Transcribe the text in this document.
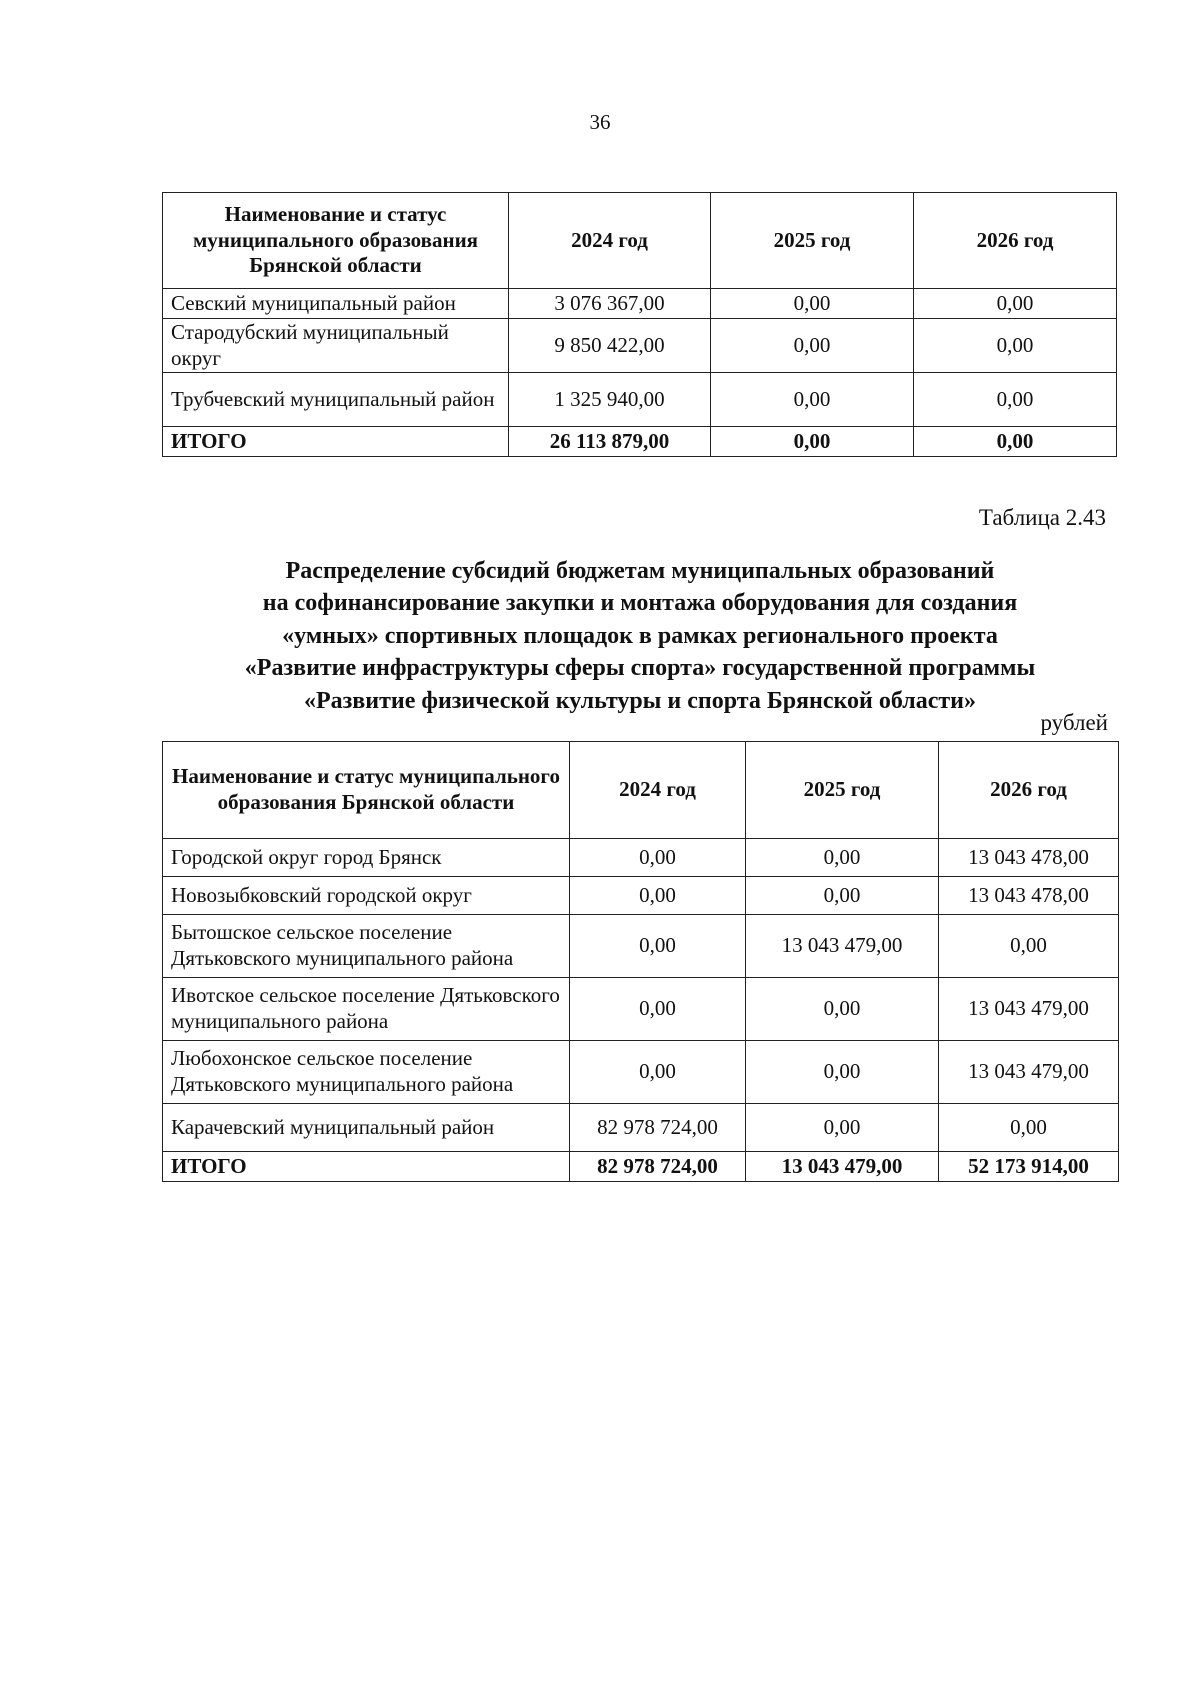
36
Наименование и статус муниципального образования Брянской области	2024 год	2025 год	2026 год
Севский муниципальный район	3 076 367,00	0,00	0,00
Стародубский муниципальный округ	9 850 422,00	0,00	0,00
Трубчевский муниципальный район	1 325 940,00	0,00	0,00
ИТОГО	26 113 879,00	0,00	0,00
Таблица 2.43
Распределение субсидий бюджетам муниципальных образований
на софинансирование закупки и монтажа оборудования для создания
«умных» спортивных площадок в рамках регионального проекта
«Развитие инфраструктуры сферы спорта» государственной программы
«Развитие физической культуры и спорта Брянской области»
рублей
Наименование и статус муниципального образования Брянской области	2024 год	2025 год	2026 год
Городской округ город Брянск	0,00	0,00	13 043 478,00
Новозыбковский городской округ	0,00	0,00	13 043 478,00
Бытошское сельское поселение Дятьковского муниципального района	0,00	13 043 479,00	0,00
Ивотское сельское поселение Дятьковского муниципального района	0,00	0,00	13 043 479,00
Любохонское сельское поселение Дятьковского муниципального района	0,00	0,00	13 043 479,00
Карачевский муниципальный район	82 978 724,00	0,00	0,00
ИТОГО	82 978 724,00	13 043 479,00	52 173 914,00
